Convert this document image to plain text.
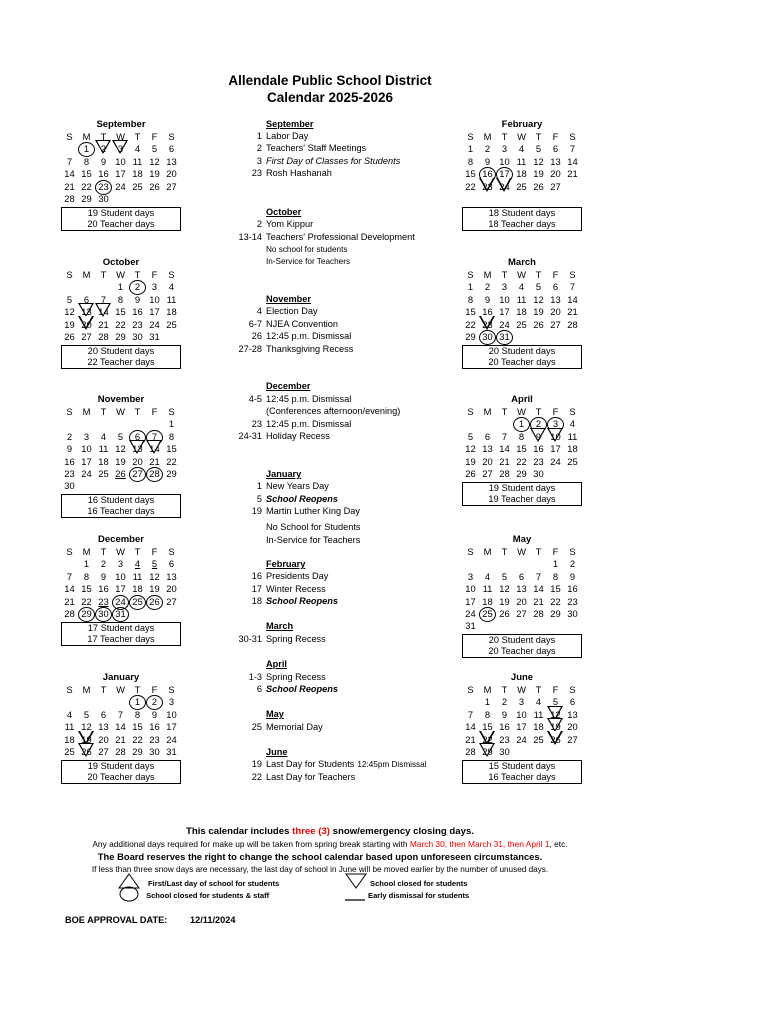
Allendale Public School District
Calendar 2025-2026
September
S	M	T	W	T	F	S
	1	2	3	4	5	6
7	8	9	10	11	12	13
14	15	16	17	18	19	20
21	22	23	24	25	26	27
28	29	30				
19 Student days
20 Teacher days
October
S	M	T	W	T	F	S
			1	2	3	4
5	6	7	8	9	10	11
12	13	14	15	16	17	18
19	20	21	22	23	24	25
26	27	28	29	30	31	
20 Student days
22 Teacher days
November
S	M	T	W	T	F	S
						1
2	3	4	5	6	7	8
9	10	11	12	13	14	15
16	17	18	19	20	21	22
23	24	25	26	27	28	29
30						
16 Student days
16 Teacher days
December
S	M	T	W	T	F	S
	1	2	3	4	5	6
7	8	9	10	11	12	13
14	15	16	17	18	19	20
21	22	23	24	25	26	27
28	29	30	31			
17 Student days
17 Teacher days
January
S	M	T	W	T	F	S
				1	2	3
4	5	6	7	8	9	10
11	12	13	14	15	16	17
18	19	20	21	22	23	24
25	26	27	28	29	30	31
19 Student days
20 Teacher days
February
S	M	T	W	T	F	S
1	2	3	4	5	6	7
8	9	10	11	12	13	14
15	16	17	18	19	20	21
22	23	24	25	26	27	
18 Student days
18 Teacher days
March
S	M	T	W	T	F	S
1	2	3	4	5	6	7
8	9	10	11	12	13	14
15	16	17	18	19	20	21
22	23	24	25	26	27	28
29	30	31				
20 Student days
20 Teacher days
April
S	M	T	W	T	F	S
			1	2	3	4
5	6	7	8	9	10	11
12	13	14	15	16	17	18
19	20	21	22	23	24	25
26	27	28	29	30		
19 Student days
19 Teacher days
May
S	M	T	W	T	F	S
					1	2
3	4	5	6	7	8	9
10	11	12	13	14	15	16
17	18	19	20	21	22	23
24	25	26	27	28	29	30
31						
20 Student days
20 Teacher days
June
S	M	T	W	T	F	S
	1	2	3	4	5	6
7	8	9	10	11	12	13
14	15	16	17	18	19	20
21	22	23	24	25	26	27
28	29	30				
15 Student days
16 Teacher days
September
1 Labor Day
2 Teachers' Staff Meetings
3 First Day of Classes for Students
23 Rosh Hashanah
October
2 Yom Kippur
13-14 Teachers' Professional Development
No school for students
In-Service for Teachers
November
4 Election Day
6-7 NJEA Convention
26 12:45 p.m. Dismissal
27-28 Thanksgiving Recess
December
4-5 12:45 p.m. Dismissal
(Conferences afternoon/evening)
23 12:45 p.m. Dismissal
24-31 Holiday Recess
January
1 New Years Day
5 School Reopens
19 Martin Luther King Day
No School for Students
In-Service for Teachers
February
16 Presidents Day
17 Winter Recess
18 School Reopens
March
30-31 Spring Recess
April
1-3 Spring Recess
6 School Reopens
May
25 Memorial Day
June
19 Last Day for Students 12:45pm Dismissal
22 Last Day for Teachers
This calendar includes three (3) snow/emergency closing days.
Any additional days required for make up will be taken from spring break starting with March 30, then March 31, then April 1, etc.
The Board reserves the right to change the school calendar based upon unforeseen circumstances.
If less than three snow days are necessary, the last day of school in June will be moved earlier by the number of unused days.
First/Last day of school for students	School closed for students
School closed for students & staff	Early dismissal for students
BOE APPROVAL DATE: 12/11/2024
